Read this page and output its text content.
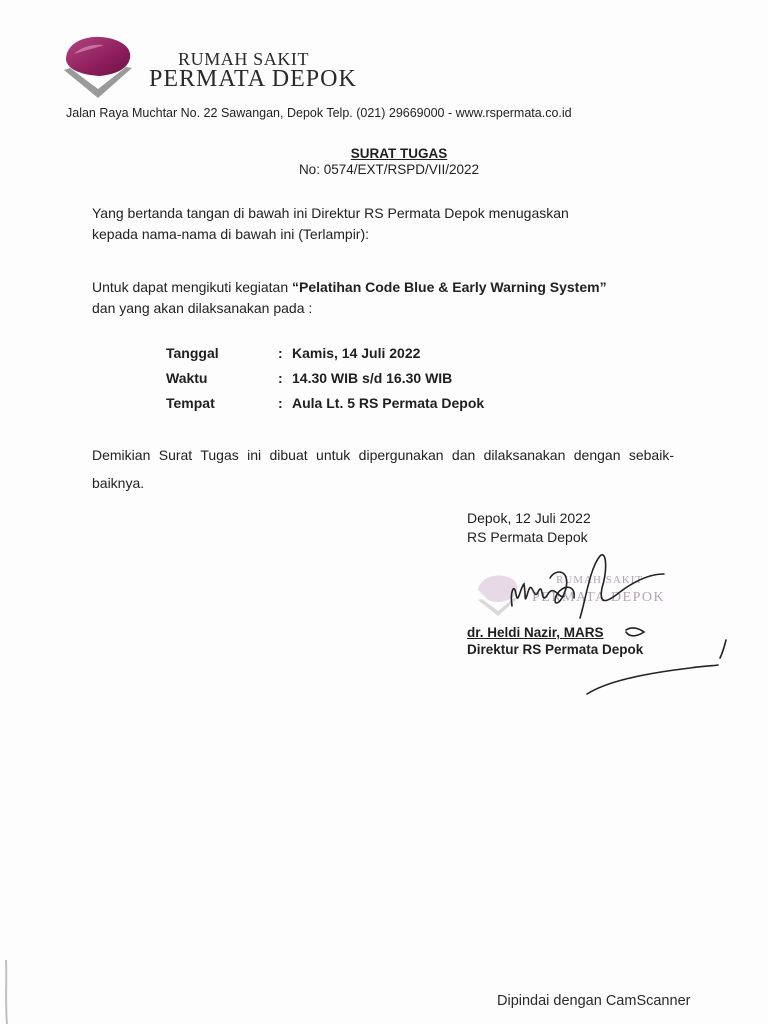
RUMAH SAKIT
PERMATA DEPOK
Jalan Raya Muchtar No. 22 Sawangan, Depok Telp. (021) 29669000 - www.rspermata.co.id
SURAT TUGAS
No: 0574/EXT/RSPD/VII/2022
Yang bertanda tangan di bawah ini Direktur RS Permata Depok menugaskan
kepada nama-nama di bawah ini (Terlampir):
Untuk dapat mengikuti kegiatan “Pelatihan Code Blue & Early Warning System”
dan yang akan dilaksanakan pada :
Tanggal	: Kamis, 14 Juli 2022
Waktu	: 14.30 WIB s/d 16.30 WIB
Tempat	: Aula Lt. 5 RS Permata Depok
Demikian Surat Tugas ini dibuat untuk dipergunakan dan dilaksanakan dengan sebaik-baiknya.
Depok, 12 Juli 2022
RS Permata Depok
RUMAH SAKIT
PERMATA DEPOK
dr. Heldi Nazir, MARS
Direktur RS Permata Depok
Dipindai dengan CamScanner
